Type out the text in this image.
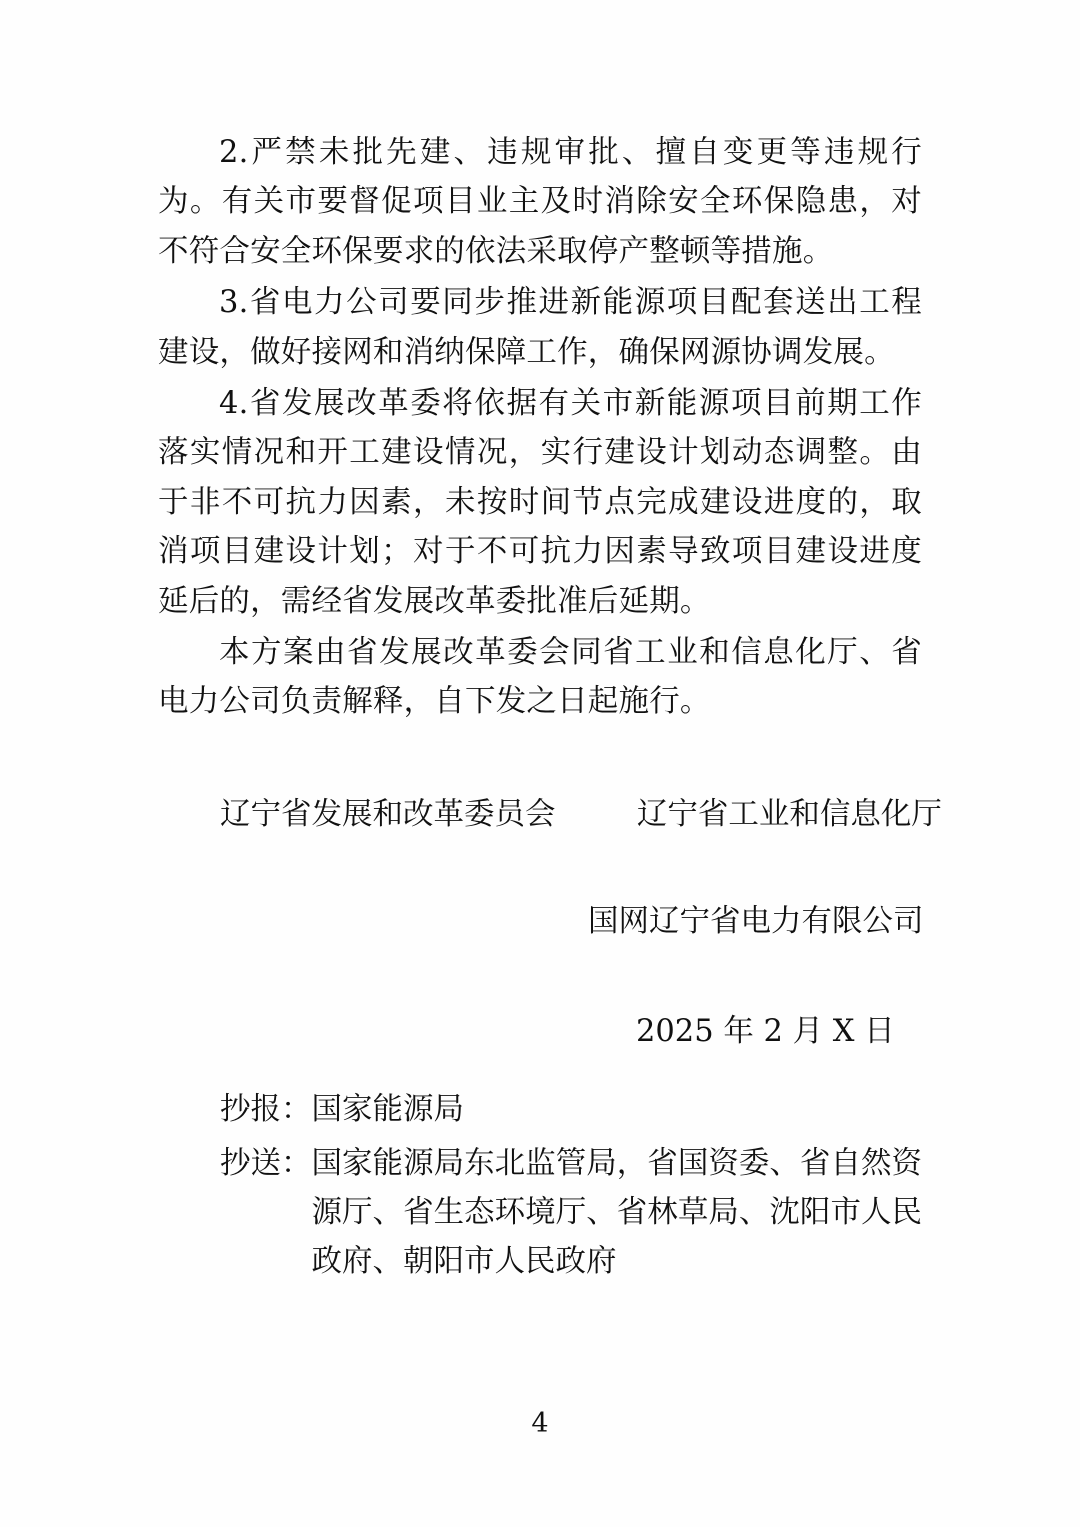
2.严禁未批先建、违规审批、擅自变更等违规行为。有关市要督促项目业主及时消除安全环保隐患，对不符合安全环保要求的依法采取停产整顿等措施。

3.省电力公司要同步推进新能源项目配套送出工程建设，做好接网和消纳保障工作，确保网源协调发展。

4.省发展改革委将依据有关市新能源项目前期工作落实情况和开工建设情况，实行建设计划动态调整。由于非不可抗力因素，未按时间节点完成建设进度的，取消项目建设计划；对于不可抗力因素导致项目建设进度延后的，需经省发展改革委批准后延期。

本方案由省发展改革委会同省工业和信息化厅、省电力公司负责解释，自下发之日起施行。

辽宁省发展和改革委员会	辽宁省工业和信息化厅
国网辽宁省电力有限公司
2025 年 2 月 X 日
抄报： 国家能源局
抄送： 国家能源局东北监管局，省国资委、省自然资源厅、省生态环境厅、省林草局、沈阳市人民政府、朝阳市人民政府
4
